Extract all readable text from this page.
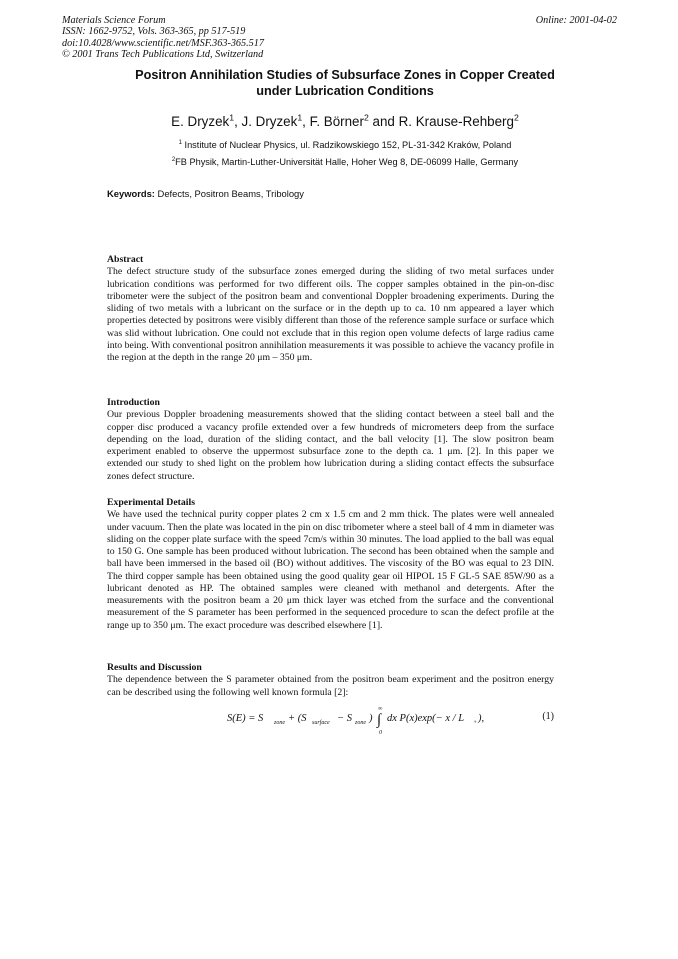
Materials Science Forum
ISSN: 1662-9752, Vols. 363-365, pp 517-519
doi:10.4028/www.scientific.net/MSF.363-365.517
© 2001 Trans Tech Publications Ltd, Switzerland
Online: 2001-04-02
Positron Annihilation Studies of Subsurface Zones in Copper Created
under Lubrication Conditions
E. Dryzek$^1$, J. Dryzek$^1$, F. Börner$^2$ and R. Krause-Rehberg$^2$
$^1$ Institute of Nuclear Physics, ul. Radzikowskiego 152, PL-31-342 Kraków, Poland
$^2$FB Physik, Martin-Luther-Universität Halle, Hoher Weg 8, DE-06099 Halle, Germany
Keywords: Defects, Positron Beams, Tribology
Abstract
The defect structure study of the subsurface zones emerged during the sliding of two metal surfaces under lubrication conditions was performed for two different oils. The copper samples obtained in the pin-on-disc tribometer were the subject of the positron beam and conventional Doppler broadening experiments. During the sliding of two metals with a lubricant on the surface or in the depth up to ca. 10 nm appeared a layer which properties detected by positrons were visibly different than those of the reference sample surface or surface which was slid without lubrication. One could not exclude that in this region open volume defects of large radius came into being. With conventional positron annihilation measurements it was possible to achieve the vacancy profile in the region at the depth in the range 20 μm – 350 μm.
Introduction
Our previous Doppler broadening measurements showed that the sliding contact between a steel ball and the copper disc produced a vacancy profile extended over a few hundreds of micrometers deep from the surface depending on the load, duration of the sliding contact, and the ball velocity [1]. The slow positron beam experiment enabled to observe the uppermost subsurface zone to the depth ca. 1 μm. [2]. In this paper we extended our study to shed light on the problem how lubrication during a sliding contact effects the subsurface zones defect structure.
Experimental Details
We have used the technical purity copper plates 2 cm x 1.5 cm and 2 mm thick. The plates were well annealed under vacuum. Then the plate was located in the pin on disc tribometer where a steel ball of 4 mm in diameter was sliding on the copper plate surface with the speed 7cm/s within 30 minutes. The load applied to the ball was equal to 150 G. One sample has been produced without lubrication. The second has been obtained when the sample and ball have been immersed in the based oil (BO) without additives. The viscosity of the BO was equal to 23 DIN. The third copper sample has been obtained using the good quality gear oil HIPOL 15 F GL-5 SAE 85W/90 as a lubricant denoted as HP. The obtained samples were cleaned with methanol and detergents. After the measurements with the positron beam a 20 μm thick layer was etched from the surface and the conventional measurement of the S parameter has been performed in the sequenced procedure to scan the defect profile at the range up to 350 μm. The exact procedure was described elsewhere [1].
Results and Discussion
The dependence between the S parameter obtained from the positron beam experiment and the positron energy can be described using the following well known formula [2]:
S(E) = S zone + (S surface − S zone ) ∫
∞
0
dx P(x)exp(− x / L + ),	(1)
